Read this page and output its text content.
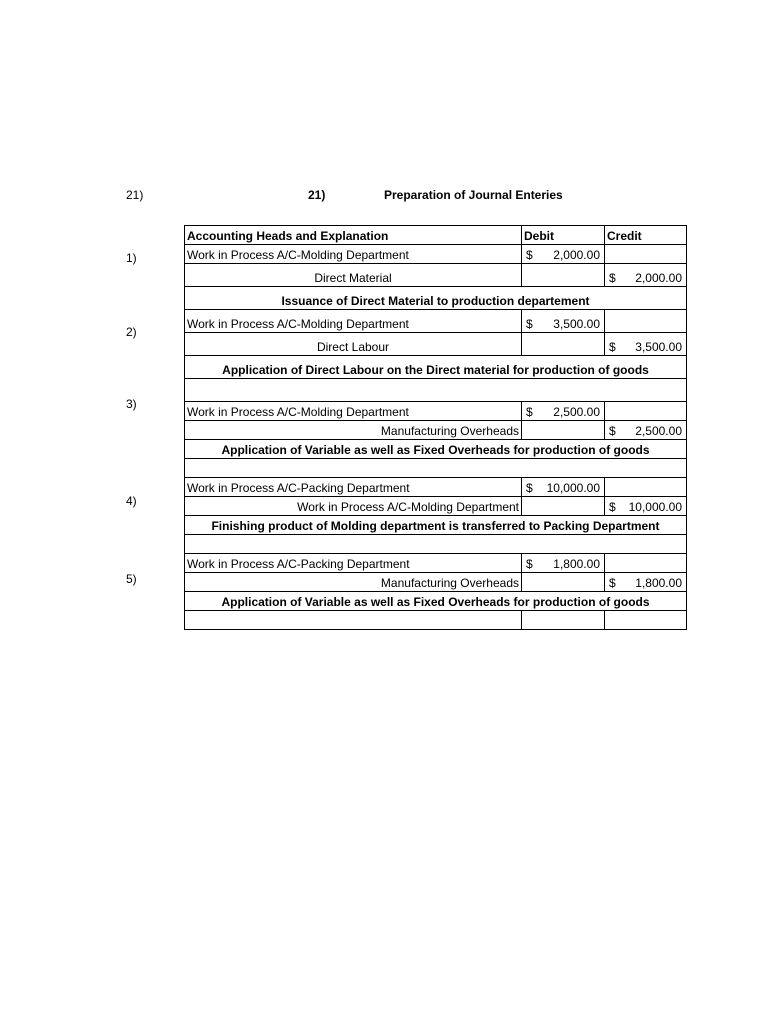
21)	21)	Preparation of Journal Enteries
1)
2)
3)
4)
5)
Accounting Heads and Explanation	Debit	Credit
Work in Process A/C-Molding Department	$ 2,000.00	

Direct Material		$ 2,000.00

Issuance of Direct Material to production departement		
Work in Process A/C-Molding Department	$ 3,500.00	

Direct Labour		$ 3,500.00

Application of Direct Labour on the Direct material for production of goods		

Work in Process A/C-Molding Department	$ 2,500.00	

Manufacturing Overheads		$ 2,500.00

Application of Variable as well as Fixed Overheads for production of goods		

Work in Process A/C-Packing Department	$ 10,000.00	

Work in Process A/C-Molding Department		$ 10,000.00

Finishing product of Molding department is transferred to Packing Department		

Work in Process A/C-Packing Department	$ 1,800.00	

Manufacturing Overheads		$ 1,800.00

Application of Variable as well as Fixed Overheads for production of goods		
